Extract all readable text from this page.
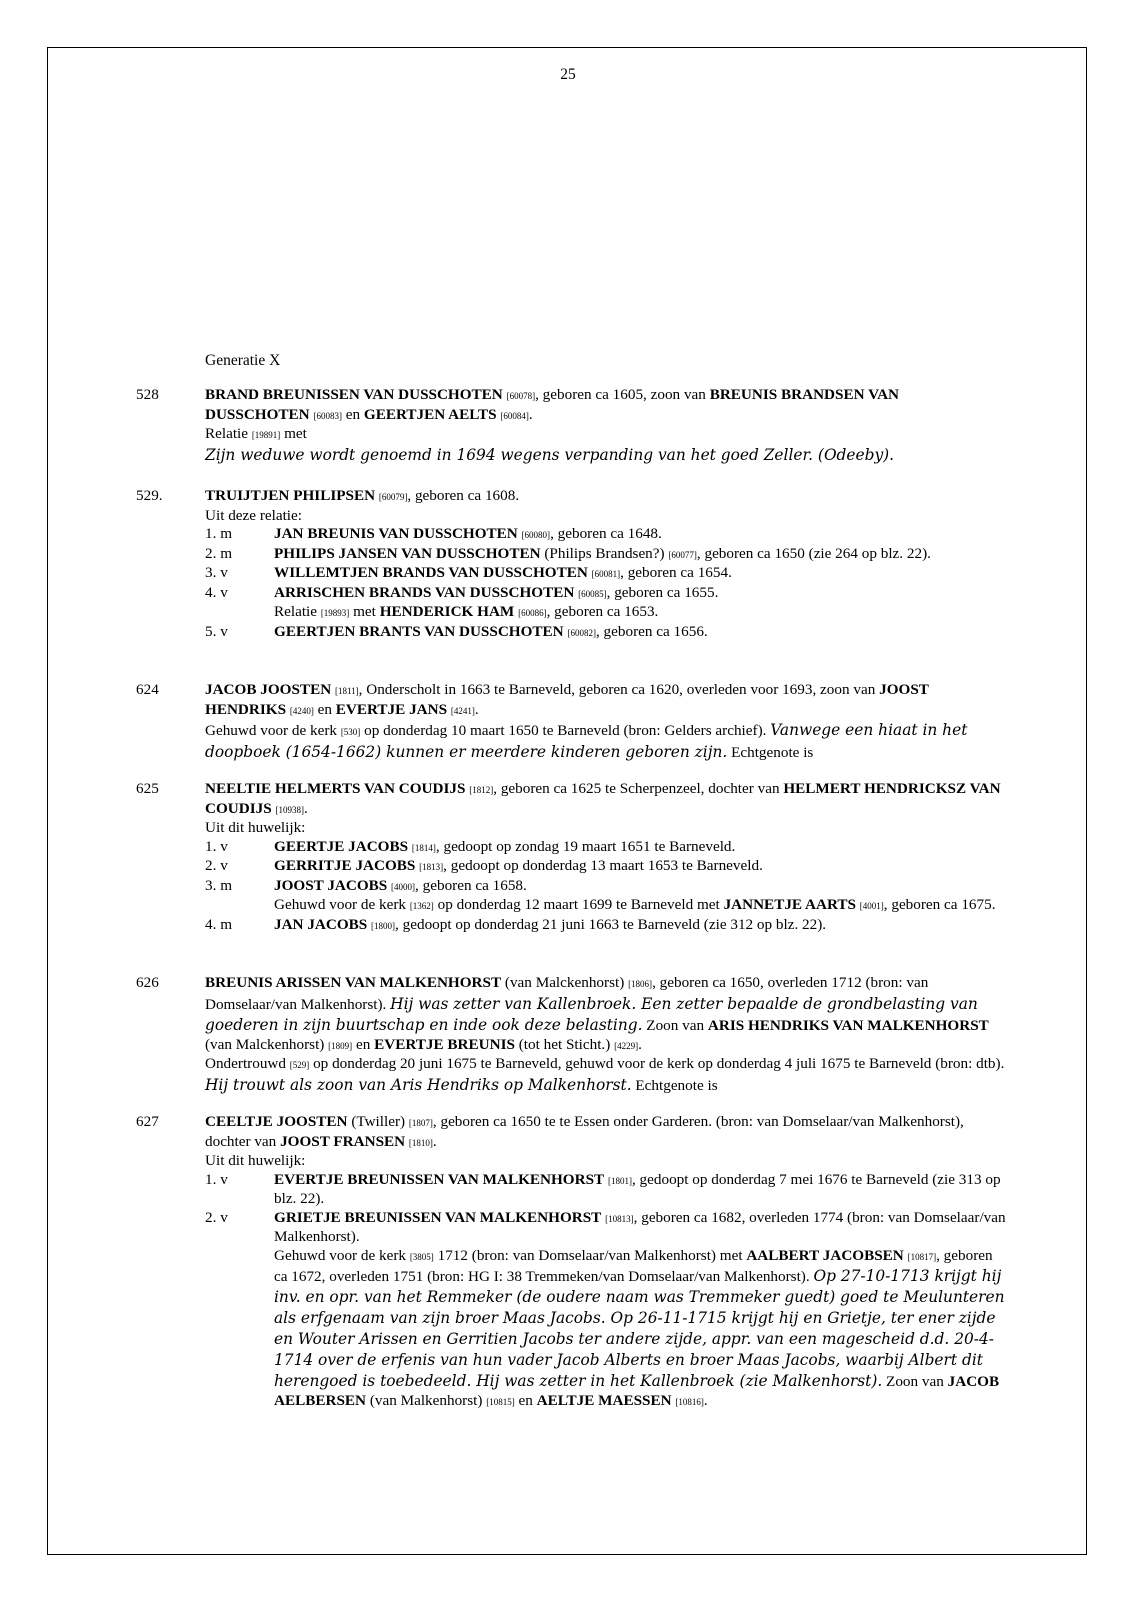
25
Generatie X
528	BRAND BREUNISSEN VAN DUSSCHOTEN [60078], geboren ca 1605, zoon van BREUNIS BRANDSEN VAN DUSSCHOTEN [60083] en GEERTJEN AELTS [60084].
Relatie [19891] met
Zijn weduwe wordt genoemd in 1694 wegens verpanding van het goed Zeller. (Odeeby).
529.	TRUIJTJEN PHILIPSEN [60079], geboren ca 1608.
Uit deze relatie:
1. m	JAN BREUNIS VAN DUSSCHOTEN [60080], geboren ca 1648.
2. m	PHILIPS JANSEN VAN DUSSCHOTEN (Philips Brandsen?) [60077], geboren ca 1650 (zie 264 op blz. 22).
3. v	WILLEMTJEN BRANDS VAN DUSSCHOTEN [60081], geboren ca 1654.
4. v	ARRISCHEN BRANDS VAN DUSSCHOTEN [60085], geboren ca 1655.
Relatie [19893] met HENDERICK HAM [60086], geboren ca 1653.
5. v	GEERTJEN BRANTS VAN DUSSCHOTEN [60082], geboren ca 1656.
624	JACOB JOOSTEN [1811], Onderscholt in 1663 te Barneveld, geboren ca 1620, overleden voor 1693, zoon van JOOST HENDRIKS [4240] en EVERTJE JANS [4241].
Gehuwd voor de kerk [530] op donderdag 10 maart 1650 te Barneveld (bron: Gelders archief). Vanwege een hiaat in het doopboek (1654-1662) kunnen er meerdere kinderen geboren zijn. Echtgenote is
625	NEELTIE HELMERTS VAN COUDIJS [1812], geboren ca 1625 te Scherpenzeel, dochter van HELMERT HENDRICKSZ VAN COUDIJS [10938].
Uit dit huwelijk:
1. v	GEERTJE JACOBS [1814], gedoopt op zondag 19 maart 1651 te Barneveld.
2. v	GERRITJE JACOBS [1813], gedoopt op donderdag 13 maart 1653 te Barneveld.
3. m	JOOST JACOBS [4000], geboren ca 1658.
Gehuwd voor de kerk [1362] op donderdag 12 maart 1699 te Barneveld met JANNETJE AARTS [4001], geboren ca 1675.
4. m	JAN JACOBS [1800], gedoopt op donderdag 21 juni 1663 te Barneveld (zie 312 op blz. 22).
626	BREUNIS ARISSEN VAN MALKENHORST (van Malckenhorst) [1806], geboren ca 1650, overleden 1712 (bron: van Domselaar/van Malkenhorst). Hij was zetter van Kallenbroek. Een zetter bepaalde de grondbelasting van goederen in zijn buurtschap en inde ook deze belasting. Zoon van ARIS HENDRIKS VAN MALKENHORST (van Malckenhorst) [1809] en EVERTJE BREUNIS (tot het Sticht.) [4229].
Ondertrouwd [529] op donderdag 20 juni 1675 te Barneveld, gehuwd voor de kerk op donderdag 4 juli 1675 te Barneveld (bron: dtb). Hij trouwt als zoon van Aris Hendriks op Malkenhorst. Echtgenote is
627	CEELTJE JOOSTEN (Twiller) [1807], geboren ca 1650 te te Essen onder Garderen. (bron: van Domselaar/van Malkenhorst), dochter van JOOST FRANSEN [1810].
Uit dit huwelijk:
1. v	EVERTJE BREUNISSEN VAN MALKENHORST [1801], gedoopt op donderdag 7 mei 1676 te Barneveld (zie 313 op blz. 22).
2. v	GRIETJE BREUNISSEN VAN MALKENHORST [10813], geboren ca 1682, overleden 1774 (bron: van Domselaar/van Malkenhorst).
Gehuwd voor de kerk [3805] 1712 (bron: van Domselaar/van Malkenhorst) met AALBERT JACOBSEN [10817], geboren ca 1672, overleden 1751 (bron: HG I: 38 Tremmeken/van Domselaar/van Malkenhorst). Op 27-10-1713 krijgt hij inv. en opr. van het Remmeker (de oudere naam was Tremmeker guedt) goed te Meulunteren als erfgenaam van zijn broer Maas Jacobs. Op 26-11-1715 krijgt hij en Grietje, ter ener zijde en Wouter Arissen en Gerritien Jacobs ter andere zijde, appr. van een magescheid d.d. 20-4-1714 over de erfenis van hun vader Jacob Alberts en broer Maas Jacobs, waarbij Albert dit herengoed is toebedeeld. Hij was zetter in het Kallenbroek (zie Malkenhorst). Zoon van JACOB AELBERSEN (van Malkenhorst) [10815] en AELTJE MAESSEN [10816].
